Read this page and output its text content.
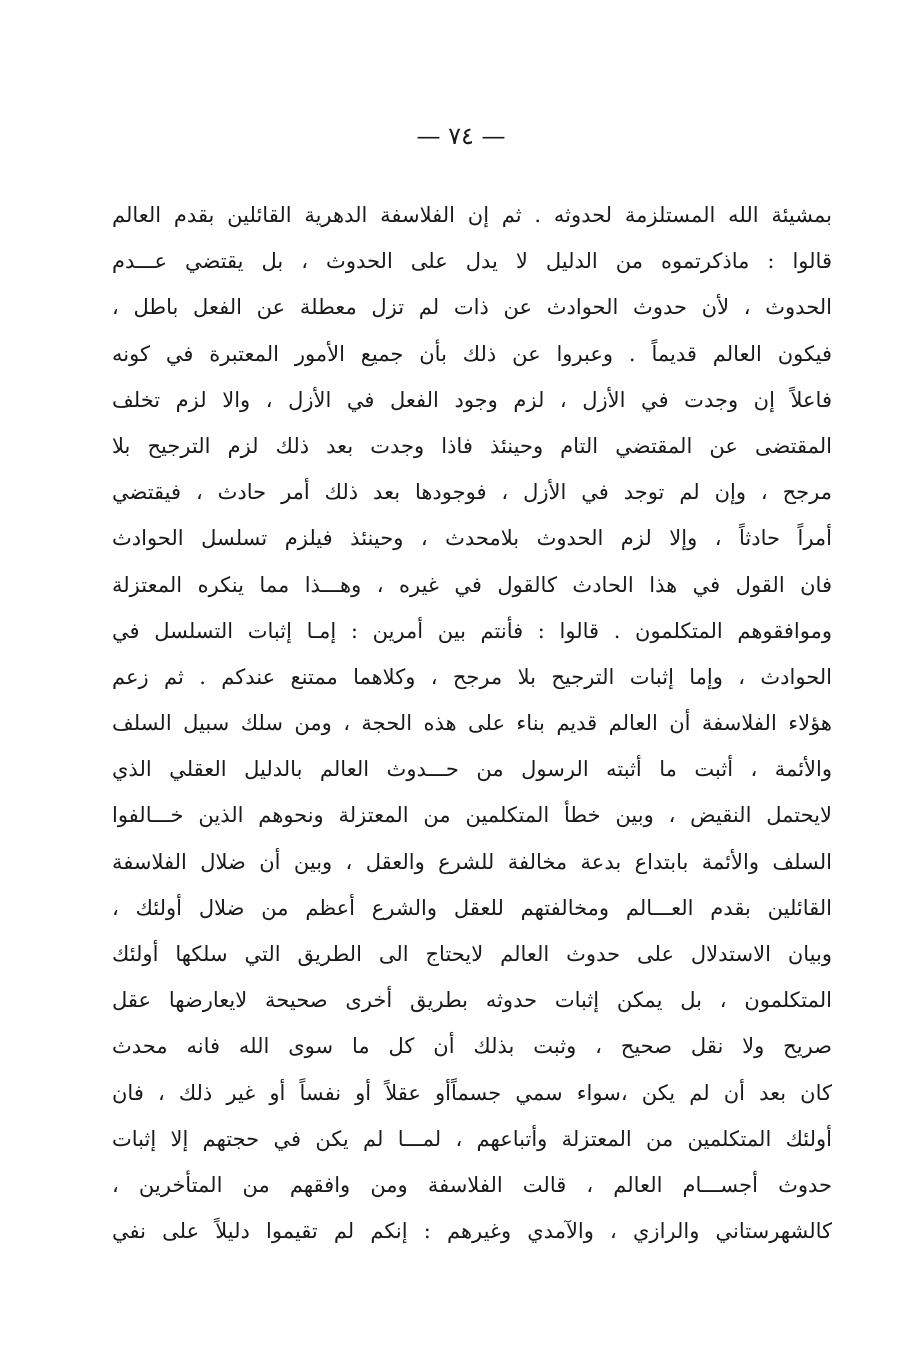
— ٧٤ —
بمشيئة الله المستلزمة لحدوثه . ثم إن الفلاسفة الدهرية القائلين بقدم العالم
قالوا : ماذكرتموه من الدليل لا يدل على الحدوث ، بل يقتضي عـــدم
الحدوث ، لأن حدوث الحوادث عن ذات لم تزل معطلة عن الفعل باطل ،
فيكون العالم قديماً . وعبروا عن ذلك بأن جميع الأمور المعتبرة في كونه
فاعلاً إن وجدت في الأزل ، لزم وجود الفعل في الأزل ، والا لزم تخلف
المقتضى عن المقتضي التام وحينئذ فاذا وجدت بعد ذلك لزم الترجيح بلا
مرجح ، وإن لم توجد في الأزل ، فوجودها بعد ذلك أمر حادث ، فيقتضي
أمراً حادثاً ، وإلا لزم الحدوث بلامحدث ، وحينئذ فيلزم تسلسل الحوادث
فان القول في هذا الحادث كالقول في غيره ، وهـــذا مما ينكره المعتزلة
وموافقوهم المتكلمون . قالوا : فأنتم بين أمرين : إمـا إثبات التسلسل في
الحوادث ، وإما إثبات الترجيح بلا مرجح ، وكلاهما ممتنع عندكم . ثم زعم
هؤلاء الفلاسفة أن العالم قديم بناء على هذه الحجة ، ومن سلك سبيل السلف
والأئمة ، أثبت ما أثبته الرسول من حـــدوث العالم بالدليل العقلي الذي
لايحتمل النقيض ، وبين خطأ المتكلمين من المعتزلة ونحوهم الذين خـــالفوا
السلف والأئمة بابتداع بدعة مخالفة للشرع والعقل ، وبين أن ضلال الفلاسفة
القائلين بقدم العـــالم ومخالفتهم للعقل والشرع أعظم من ضلال أولئك ،
وبيان الاستدلال على حدوث العالم لايحتاج الى الطريق التي سلكها أولئك
المتكلمون ، بل يمكن إثبات حدوثه بطريق أخرى صحيحة لايعارضها عقل
صريح ولا نقل صحيح ، وثبت بذلك أن كل ما سوى الله فانه محدث
كان بعد أن لم يكن ،سواء سمي جسماًأو عقلاً أو نفساً أو غير ذلك ، فان
أولئك المتكلمين من المعتزلة وأتباعهم ، لمـــا لم يكن في حجتهم إلا إثبات
حدوث أجســـام العالم ، قالت الفلاسفة ومن وافقهم من المتأخرين ،
كالشهرستاني والرازي ، والآمدي وغيرهم : إنكم لم تقيموا دليلاً على نفي
